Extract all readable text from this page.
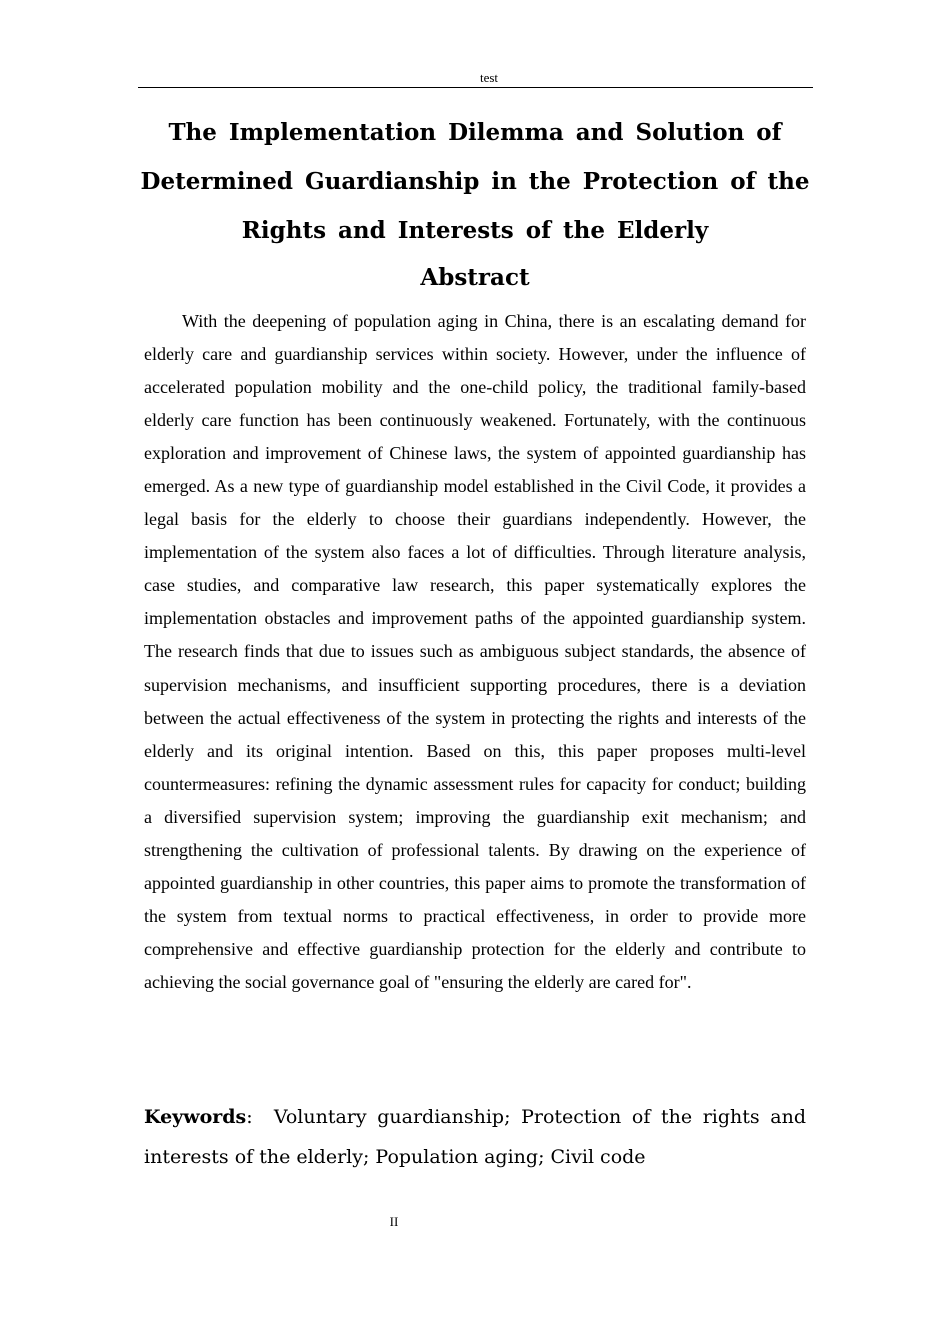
test
The Implementation Dilemma and Solution of Determined Guardianship in the Protection of the Rights and Interests of the Elderly
Abstract

With the deepening of population aging in China, there is an escalating demand for elderly care and guardianship services within society. However, under the influence of accelerated population mobility and the one-child policy, the traditional family-based elderly care function has been continuously weakened. Fortunately, with the continuous exploration and improvement of Chinese laws, the system of appointed guardianship has emerged. As a new type of guardianship model established in the Civil Code, it provides a legal basis for the elderly to choose their guardians independently. However, the implementation of the system also faces a lot of difficulties. Through literature analysis, case studies, and comparative law research, this paper systematically explores the implementation obstacles and improvement paths of the appointed guardianship system. The research finds that due to issues such as ambiguous subject standards, the absence of supervision mechanisms, and insufficient supporting procedures, there is a deviation between the actual effectiveness of the system in protecting the rights and interests of the elderly and its original intention. Based on this, this paper proposes multi-level countermeasures: refining the dynamic assessment rules for capacity for conduct; building a diversified supervision system; improving the guardianship exit mechanism; and strengthening the cultivation of professional talents. By drawing on the experience of appointed guardianship in other countries, this paper aims to promote the transformation of the system from textual norms to practical effectiveness, in order to provide more comprehensive and effective guardianship protection for the elderly and contribute to achieving the social governance goal of "ensuring the elderly are cared for".

Keywords: Voluntary guardianship; Protection of the rights and interests of the elderly; Population aging; Civil code

II
